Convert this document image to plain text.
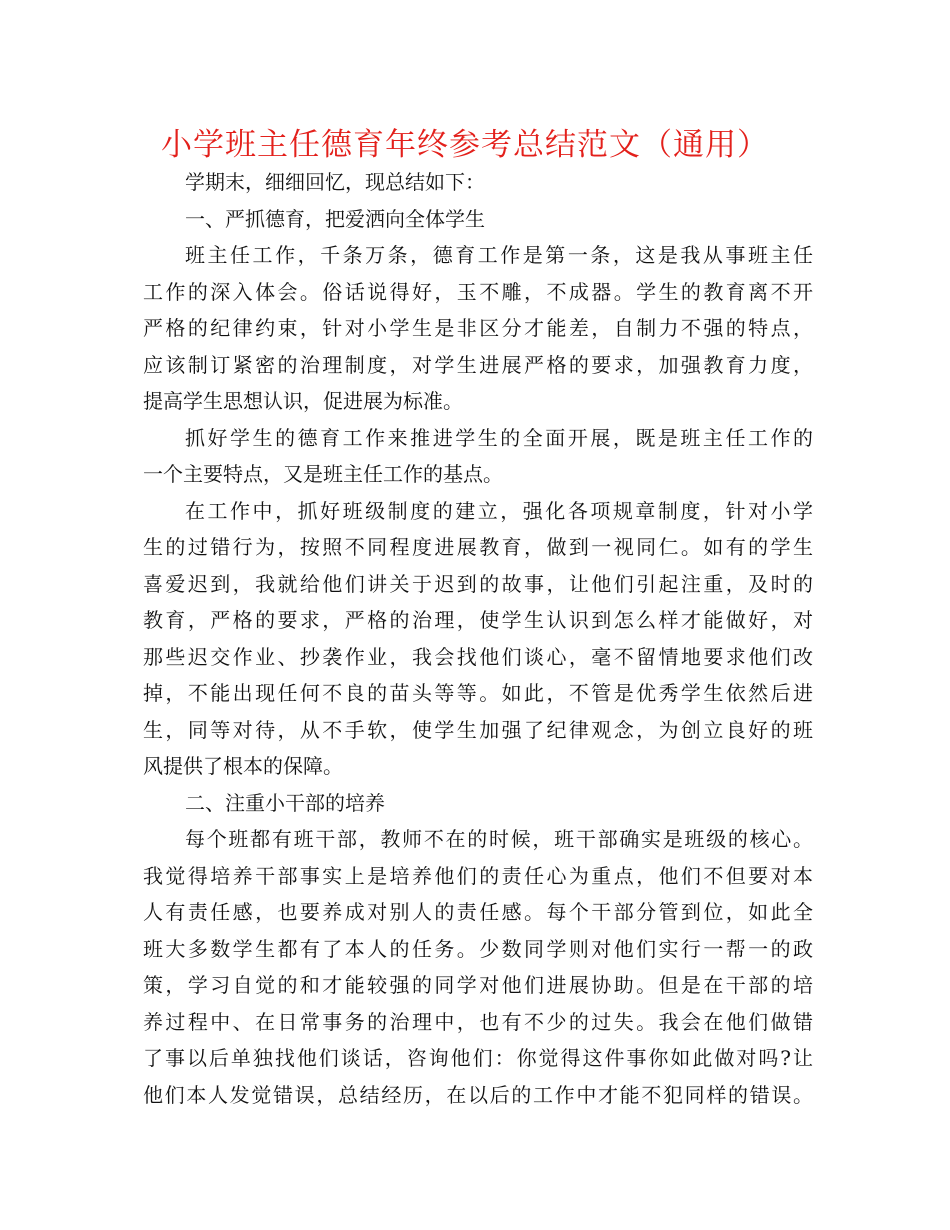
小学班主任德育年终参考总结范文（通用）
学期末，细细回忆，现总结如下：
一、严抓德育，把爱洒向全体学生
班主任工作，千条万条，德育工作是第一条，这是我从事班主任
工作的深入体会。俗话说得好，玉不雕，不成器。学生的教育离不开
严格的纪律约束，针对小学生是非区分才能差，自制力不强的特点，
应该制订紧密的治理制度，对学生进展严格的要求，加强教育力度，
提高学生思想认识，促进展为标准。
抓好学生的德育工作来推进学生的全面开展，既是班主任工作的
一个主要特点，又是班主任工作的基点。
在工作中，抓好班级制度的建立，强化各项规章制度，针对小学
生的过错行为，按照不同程度进展教育，做到一视同仁。如有的学生
喜爱迟到，我就给他们讲关于迟到的故事，让他们引起注重，及时的
教育，严格的要求，严格的治理，使学生认识到怎么样才能做好，对
那些迟交作业、抄袭作业，我会找他们谈心，毫不留情地要求他们改
掉，不能出现任何不良的苗头等等。如此，不管是优秀学生依然后进
生，同等对待，从不手软，使学生加强了纪律观念，为创立良好的班
风提供了根本的保障。
二、注重小干部的培养
每个班都有班干部，教师不在的时候，班干部确实是班级的核心。
我觉得培养干部事实上是培养他们的责任心为重点，他们不但要对本
人有责任感，也要养成对别人的责任感。每个干部分管到位，如此全
班大多数学生都有了本人的任务。少数同学则对他们实行一帮一的政
策，学习自觉的和才能较强的同学对他们进展协助。但是在干部的培
养过程中、在日常事务的治理中，也有不少的过失。我会在他们做错
了事以后单独找他们谈话，咨询他们：你觉得这件事你如此做对吗?让
他们本人发觉错误，总结经历，在以后的工作中才能不犯同样的错误。
